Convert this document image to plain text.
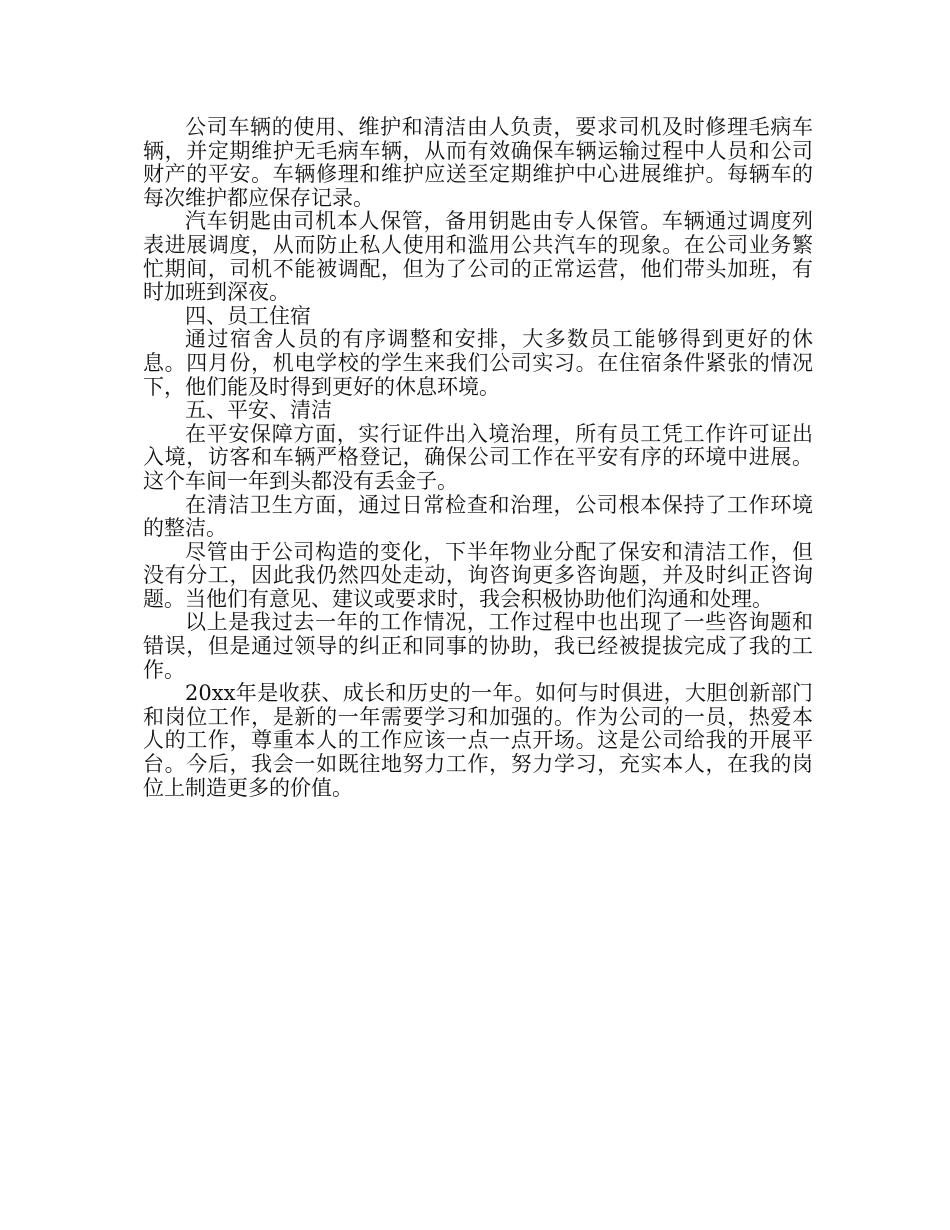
公司车辆的使用、维护和清洁由人负责，要求司机及时修理毛病车辆，并定期维护无毛病车辆，从而有效确保车辆运输过程中人员和公司财产的平安。车辆修理和维护应送至定期维护中心进展维护。每辆车的每次维护都应保存记录。

汽车钥匙由司机本人保管，备用钥匙由专人保管。车辆通过调度列表进展调度，从而防止私人使用和滥用公共汽车的现象。在公司业务繁忙期间，司机不能被调配，但为了公司的正常运营，他们带头加班，有时加班到深夜。

四、员工住宿

通过宿舍人员的有序调整和安排，大多数员工能够得到更好的休息。四月份，机电学校的学生来我们公司实习。在住宿条件紧张的情况下，他们能及时得到更好的休息环境。

五、平安、清洁

在平安保障方面，实行证件出入境治理，所有员工凭工作许可证出入境，访客和车辆严格登记，确保公司工作在平安有序的环境中进展。这个车间一年到头都没有丢金子。

在清洁卫生方面，通过日常检查和治理，公司根本保持了工作环境的整洁。

尽管由于公司构造的变化，下半年物业分配了保安和清洁工作，但没有分工，因此我仍然四处走动，询咨询更多咨询题，并及时纠正咨询题。当他们有意见、建议或要求时，我会积极协助他们沟通和处理。

以上是我过去一年的工作情况，工作过程中也出现了一些咨询题和错误，但是通过领导的纠正和同事的协助，我已经被提拔完成了我的工作。

20xx年是收获、成长和历史的一年。如何与时俱进，大胆创新部门和岗位工作，是新的一年需要学习和加强的。作为公司的一员，热爱本人的工作，尊重本人的工作应该一点一点开场。这是公司给我的开展平台。今后，我会一如既往地努力工作，努力学习，充实本人，在我的岗位上制造更多的价值。
